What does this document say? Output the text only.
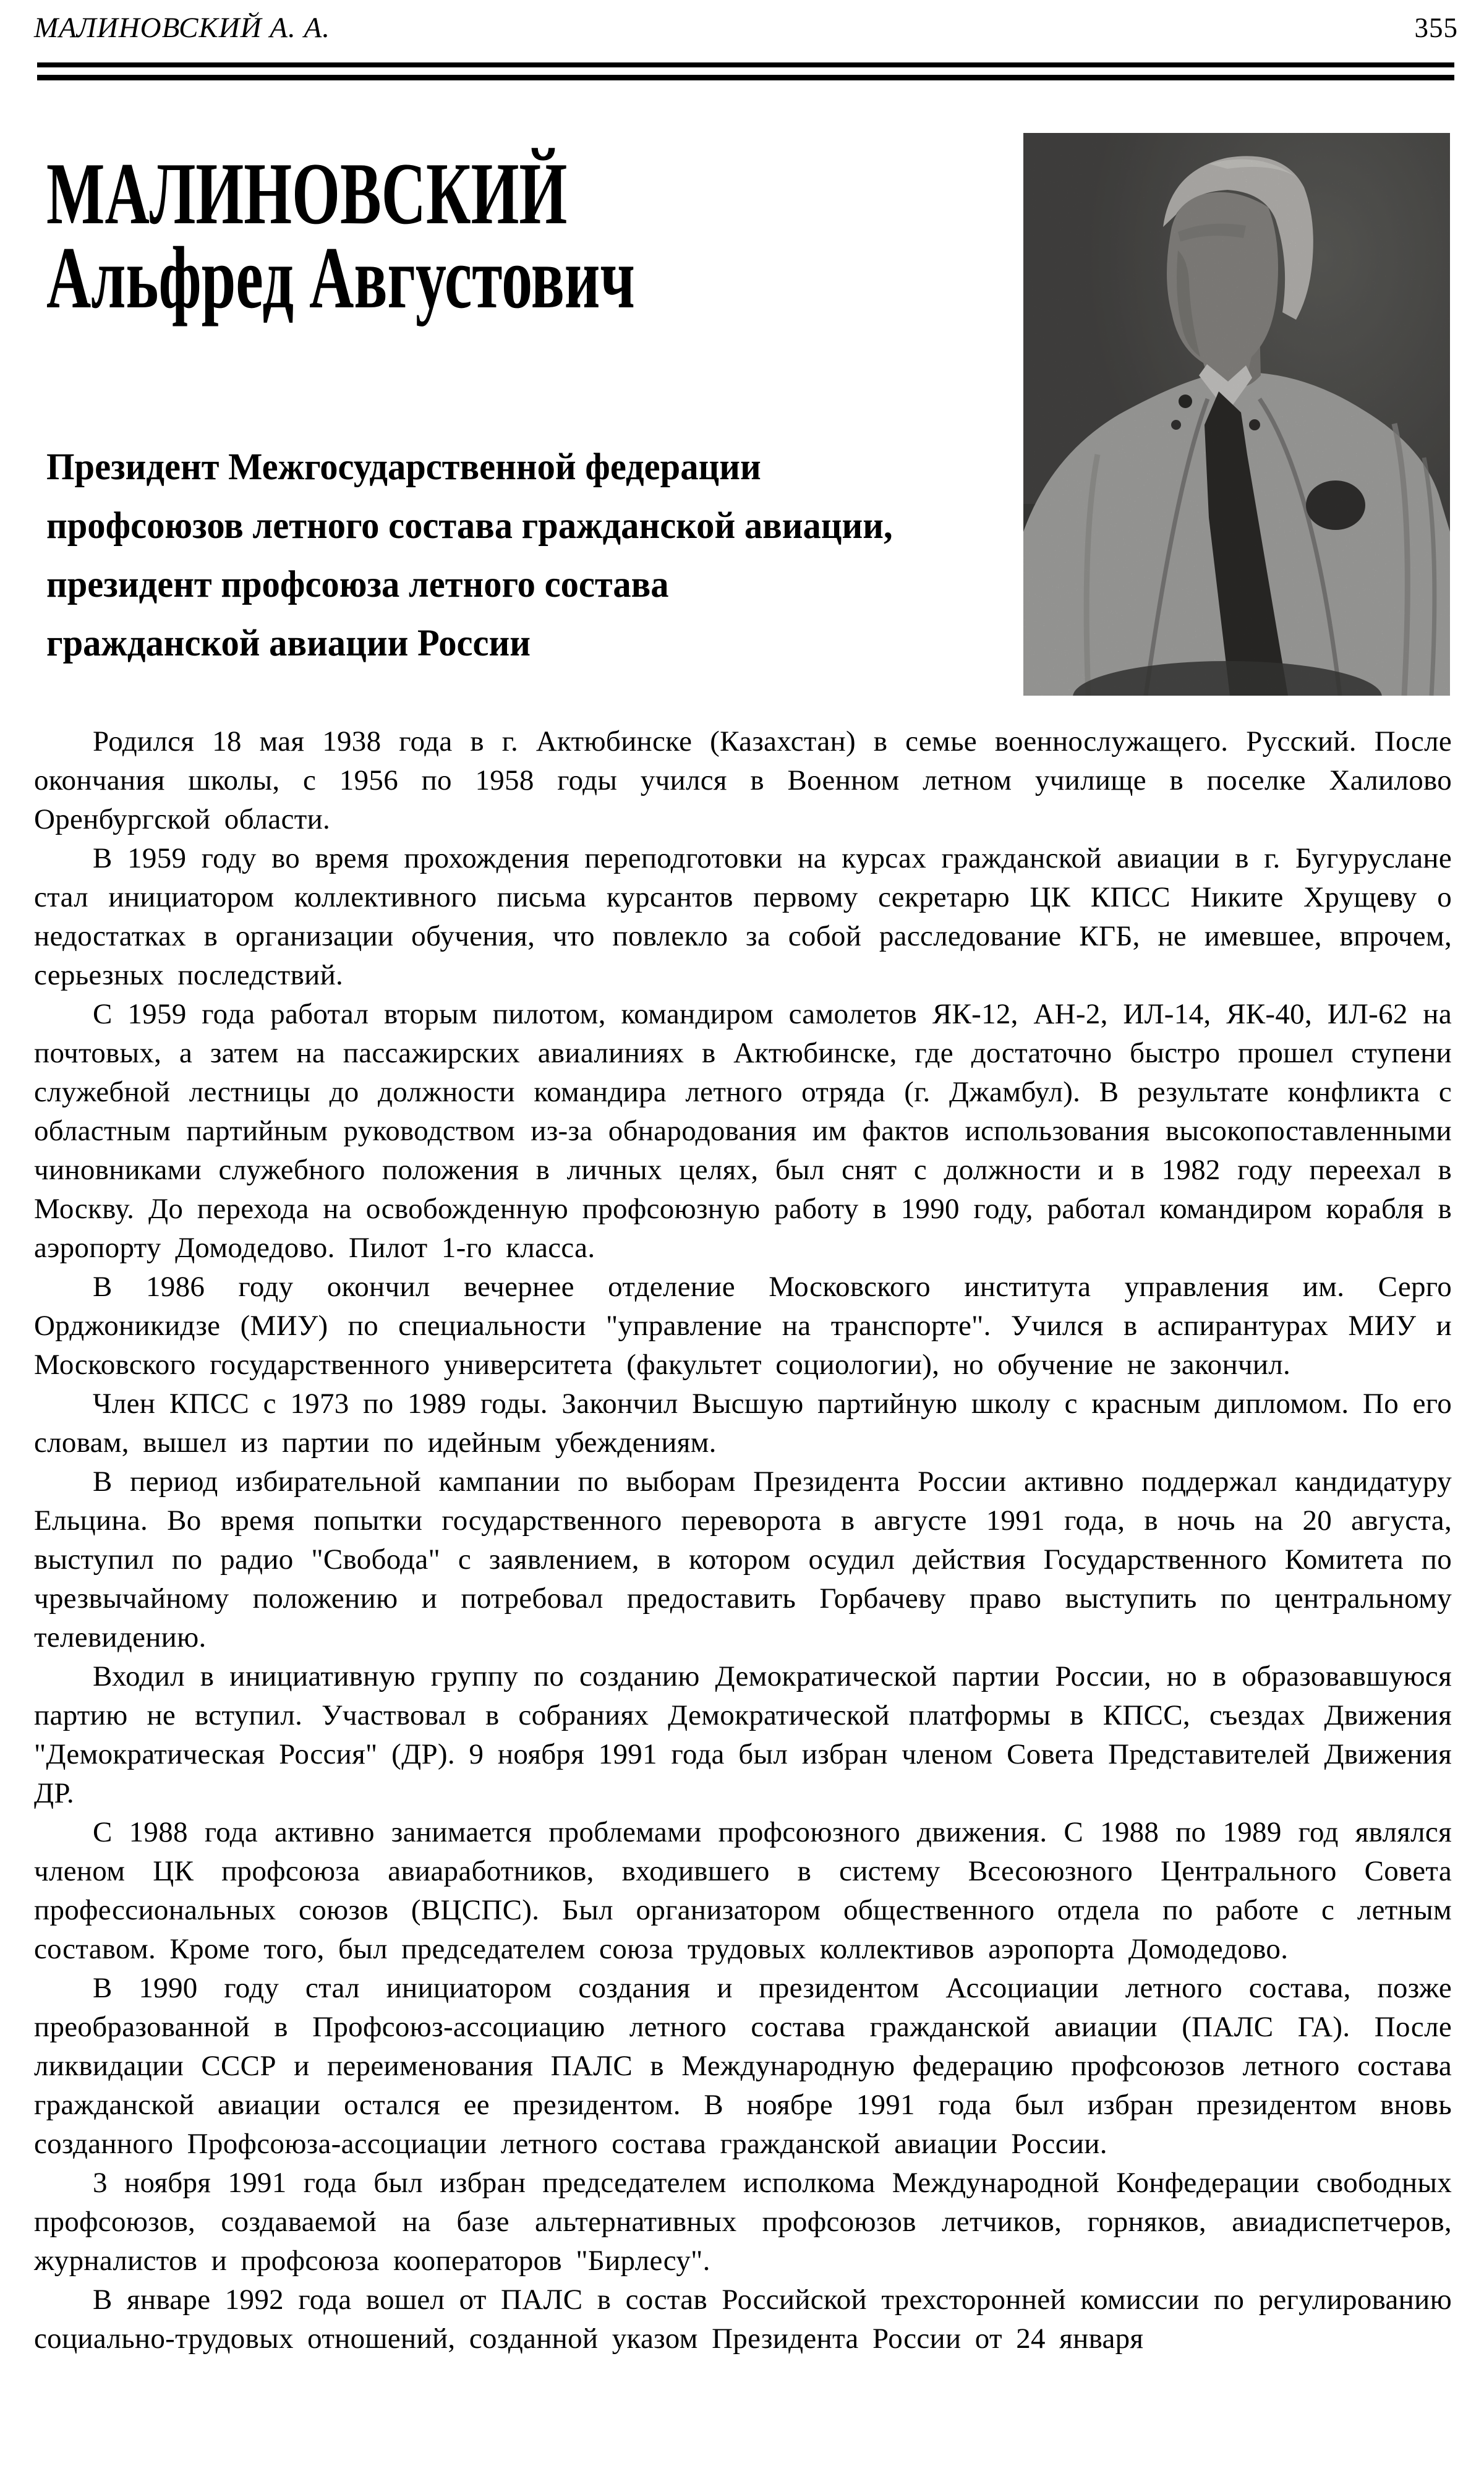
МАЛИНОВСКИЙ А. А.	355
МАЛИНОВСКИЙ
Альфред Августович
Президент Межгосударственной федерации
профсоюзов летного состава гражданской авиации,
президент профсоюза летного состава
гражданской авиации России

Родился 18 мая 1938 года в г. Актюбинске (Казахстан) в семье военнослужащего. Русский. После окончания школы, с 1956 по 1958 годы учился в Военном летном училище в поселке Халилово Оренбургской области.

В 1959 году во время прохождения переподготовки на курсах гражданской авиации в г. Бугуруслане стал инициатором коллективного письма курсантов первому секретарю ЦК КПСС Никите Хрущеву о недостатках в организации обучения, что повлекло за собой расследование КГБ, не имевшее, впрочем, серьезных последствий.

С 1959 года работал вторым пилотом, командиром самолетов ЯК-12, АН-2, ИЛ-14, ЯК-40, ИЛ-62 на почтовых, а затем на пассажирских авиалиниях в Актюбинске, где достаточно быстро прошел ступени служебной лестницы до должности командира летного отряда (г. Джамбул). В результате конфликта с областным партийным руководством из-за обнародования им фактов использования высокопоставленными чиновниками служебного положения в личных целях, был снят с должности и в 1982 году переехал в Москву. До перехода на освобожденную профсоюзную работу в 1990 году, работал командиром корабля в аэропорту Домодедово. Пилот 1-го класса.

В 1986 году окончил вечернее отделение Московского института управления им. Серго Орджоникидзе (МИУ) по специальности "управление на транспорте". Учился в аспирантурах МИУ и Московского государственного университета (факультет социологии), но обучение не закончил.

Член КПСС с 1973 по 1989 годы. Закончил Высшую партийную школу с красным дипломом. По его словам, вышел из партии по идейным убеждениям.

В период избирательной кампании по выборам Президента России активно поддержал кандидатуру Ельцина. Во время попытки государственного переворота в августе 1991 года, в ночь на 20 августа, выступил по радио "Свобода" с заявлением, в котором осудил действия Государственного Комитета по чрезвычайному положению и потребовал предоставить Горбачеву право выступить по центральному телевидению.

Входил в инициативную группу по созданию Демократической партии России, но в образовавшуюся партию не вступил. Участвовал в собраниях Демократической платформы в КПСС, съездах Движения "Демократическая Россия" (ДР). 9 ноября 1991 года был избран членом Совета Представителей Движения ДР.

С 1988 года активно занимается проблемами профсоюзного движения. С 1988 по 1989 год являлся членом ЦК профсоюза авиаработников, входившего в систему Всесоюзного Центрального Совета профессиональных союзов (ВЦСПС). Был организатором общественного отдела по работе с летным составом. Кроме того, был председателем союза трудовых коллективов аэропорта Домодедово.

В 1990 году стал инициатором создания и президентом Ассоциации летного состава, позже преобразованной в Профсоюз-ассоциацию летного состава гражданской авиации (ПАЛС ГА). После ликвидации СССР и переименования ПАЛС в Международную федерацию профсоюзов летного состава гражданской авиации остался ее президентом. В ноябре 1991 года был избран президентом вновь созданного Профсоюза-ассоциации летного состава гражданской авиации России.

3 ноября 1991 года был избран председателем исполкома Международной Конфедерации свободных профсоюзов, создаваемой на базе альтернативных профсоюзов летчиков, горняков, авиадиспетчеров, журналистов и профсоюза кооператоров "Бирлесу".

В январе 1992 года вошел от ПАЛС в состав Российской трехсторонней комиссии по регулированию социально-трудовых отношений, созданной указом Президента России от 24 января
